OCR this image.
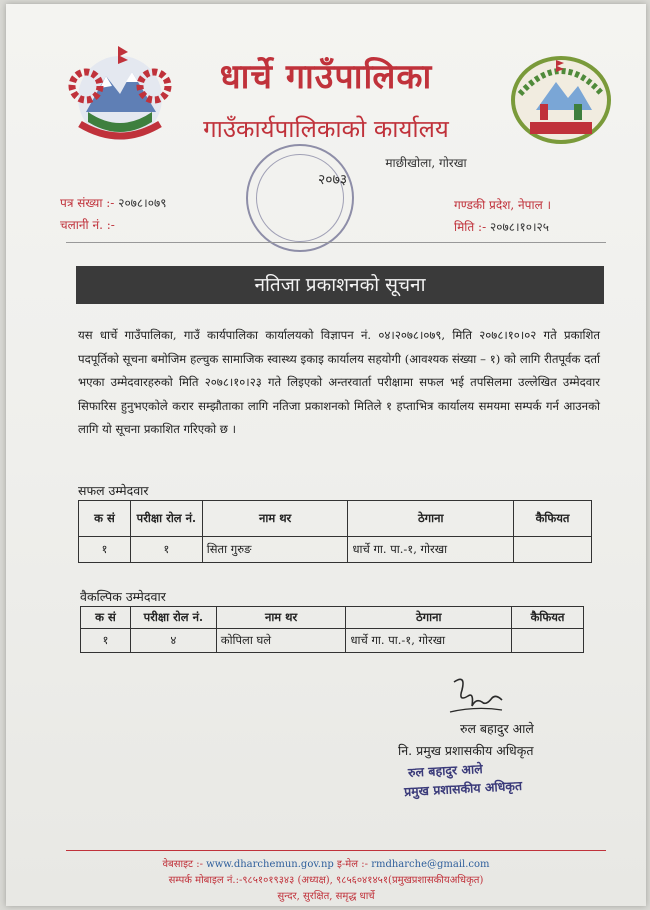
धार्चे गाउँपालिका
गाउँकार्यपालिकाको कार्यालय
माछीखोला, गोरखा
२०७३
पत्र संख्या :- २०७८।०७९
चलानी नं. :-
गण्डकी प्रदेश, नेपाल ।
मिति :- २०७८।१०।२५
नतिजा प्रकाशनको सूचना
यस धार्चे गाउँपालिका, गाउँ कार्यपालिका कार्यालयको विज्ञापन नं. ०४।२०७८।०७९, मिति २०७८।१०।०२ गते प्रकाशित पदपूर्तिको सूचना बमोजिम हल्चुक सामाजिक स्वास्थ्य इकाइ कार्यालय सहयोगी (आवश्यक संख्या – १) को लागि रीतपूर्वक दर्ता भएका उम्मेदवारहरुको मिति २०७८।१०।२३ गते लिइएको अन्तरवार्ता परीक्षामा सफल भई तपसिलमा उल्लेखित उम्मेदवार सिफारिस हुनुभएकोले करार सम्झौताका लागि नतिजा प्रकाशनको मितिले १ हप्ताभित्र कार्यालय समयमा सम्पर्क गर्न आउनको लागि यो सूचना प्रकाशित गरिएको छ ।
सफल उम्मेदवार
क सं	परीक्षा रोल नं.	नाम थर	ठेगाना	कैफियत
१	१	सिता गुरुङ	धार्चे गा. पा.-१, गोरखा	
वैकल्पिक उम्मेदवार
क सं	परीक्षा रोल नं.	नाम थर	ठेगाना	कैफियत
१	४	कोपिला घले	धार्चे गा. पा.-१, गोरखा	
रुल बहादुर आले
नि. प्रमुख प्रशासकीय अधिकृत
रुल बहादुर आले
प्रमुख प्रशासकीय अधिकृत
वेबसाइट :- www.dharchemun.gov.np इ-मेल :- rmdharche@gmail.com
सम्पर्क मोबाइल नं.:-९८५१०१९३४३ (अध्यक्ष), ९८५६०४१४५१(प्रमुखप्रशासकीयअधिकृत)
सुन्दर, सुरक्षित, समृद्ध धार्चे
